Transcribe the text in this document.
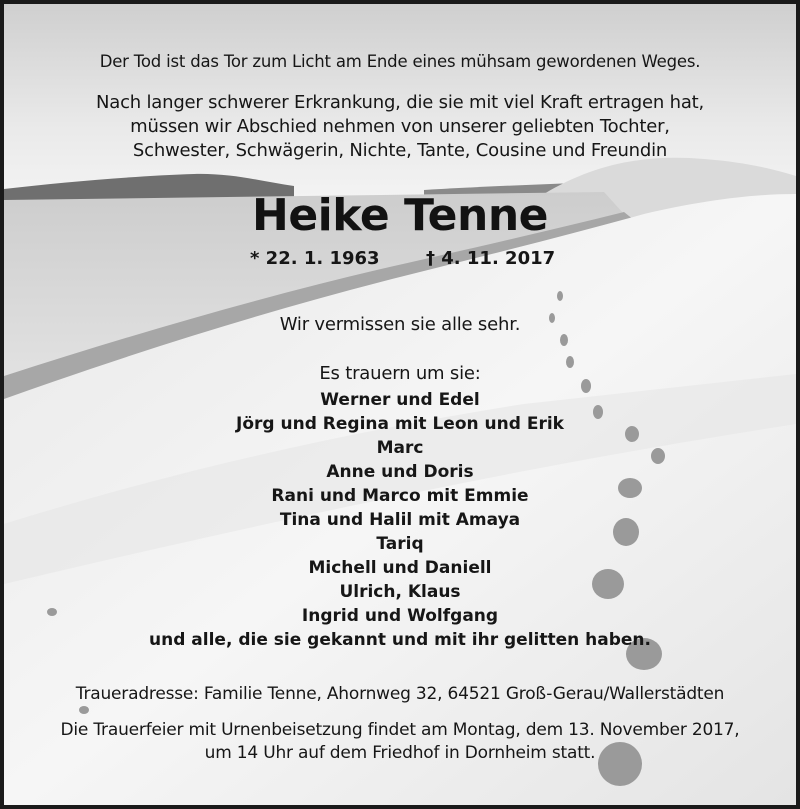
Der Tod ist das Tor zum Licht am Ende eines mühsam gewordenen Weges.
Nach langer schwerer Erkrankung, die sie mit viel Kraft ertragen hat,
müssen wir Abschied nehmen von unserer geliebten Tochter,
Schwester, Schwägerin, Nichte, Tante, Cousine und Freundin
Heike Tenne
* 22. 1. 1963	† 4. 11. 2017
Wir vermissen sie alle sehr.
Es trauern um sie:
Werner und Edel
Jörg und Regina mit Leon und Erik
Marc
Anne und Doris
Rani und Marco mit Emmie
Tina und Halil mit Amaya
Tariq
Michell und Daniell
Ulrich, Klaus
Ingrid und Wolfgang
und alle, die sie gekannt und mit ihr gelitten haben.
Traueradresse: Familie Tenne, Ahornweg 32, 64521 Groß-Gerau/Wallerstädten
Die Trauerfeier mit Urnenbeisetzung findet am Montag, dem 13. November 2017,
um 14 Uhr auf dem Friedhof in Dornheim statt.
